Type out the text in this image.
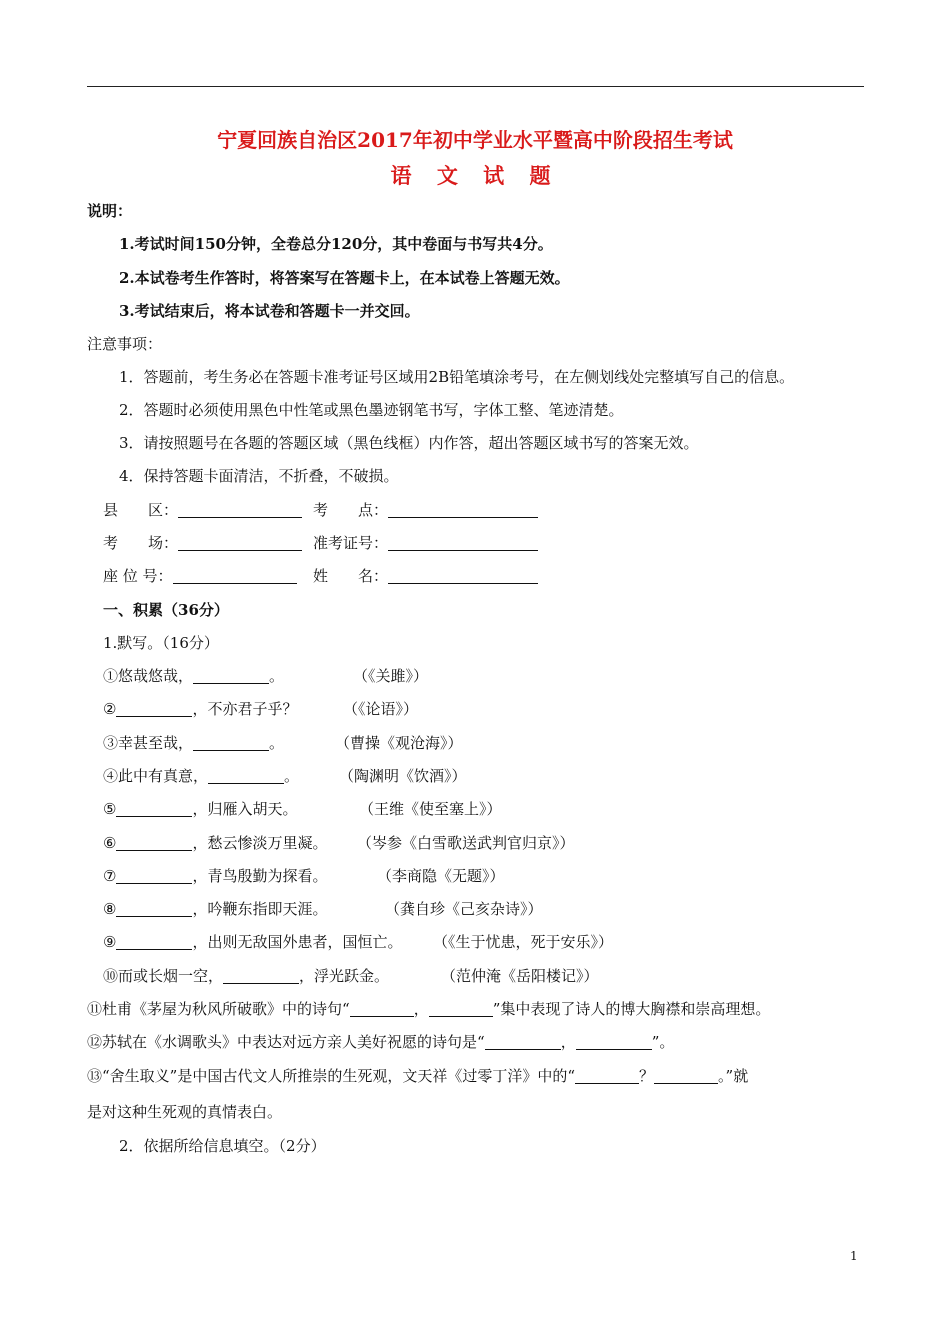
宁夏回族自治区2017年初中学业水平暨高中阶段招生考试
语 文 试 题
说明：
1.考试时间150分钟，全卷总分120分，其中卷面与书写共4分。
2.本试卷考生作答时，将答案写在答题卡上，在本试卷上答题无效。
3.考试结束后，将本试卷和答题卡一并交回。
注意事项：
1．答题前，考生务必在答题卡准考证号区域用2B铅笔填涂考号，在左侧划线处完整填写自己的信息。
2．答题时必须使用黑色中性笔或黑色墨迹钢笔书写，字体工整、笔迹清楚。
3．请按照题号在各题的答题区域（黑色线框）内作答，超出答题区域书写的答案无效。
4．保持答题卡面清洁，不折叠，不破损。
县　　区：	考　　点：
考　　场：	准考证号：
座 位 号：	姓　　名：
一、积累（36分）
1.默写。（16分）
①悠哉悠哉，	。	（《关雎》）
②	，不亦君子乎？	（《论语》）
③幸甚至哉，	。	（曹操《观沧海》）
④此中有真意，	。	（陶渊明《饮酒》）
⑤	，归雁入胡天。	（王维《使至塞上》）
⑥	，愁云惨淡万里凝。 （岑参《白雪歌送武判官归京》）
⑦	，青鸟殷勤为探看。	（李商隐《无题》）
⑧	，吟鞭东指即天涯。	（龚自珍《己亥杂诗》）
⑨	，出则无敌国外患者，国恒亡。 （《生于忧患，死于安乐》）
⑩而或长烟一空，	，浮光跃金。	（范仲淹《岳阳楼记》）
⑪杜甫《茅屋为秋风所破歌》中的诗句“	，	”集中表现了诗人的博大胸襟和崇高理想。
⑫苏轼在《水调歌头》中表达对远方亲人美好祝愿的诗句是“	，	”。
⑬“舍生取义”是中国古代文人所推崇的生死观，文天祥《过零丁洋》中的“	？	。”就
是对这种生死观的真情表白。
2．依据所给信息填空。（2分）
1
